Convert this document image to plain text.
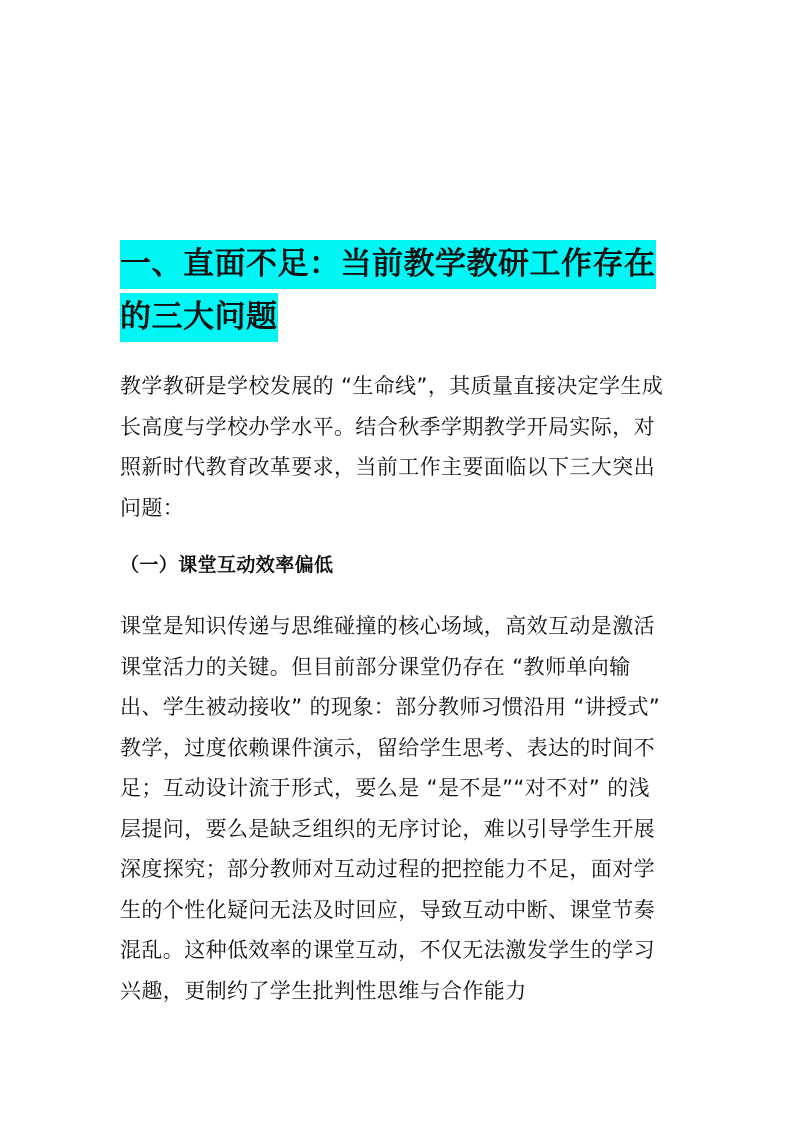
一、直面不足：当前教学教研工作存在的三大问题

教学教研是学校发展的 “生命线”，其质量直接决定学生成长高度与学校办学水平。结合秋季学期教学开局实际，对照新时代教育改革要求，当前工作主要面临以下三大突出问题：

（一）课堂互动效率偏低

课堂是知识传递与思维碰撞的核心场域，高效互动是激活课堂活力的关键。但目前部分课堂仍存在 “教师单向输出、学生被动接收” 的现象：部分教师习惯沿用 “讲授式” 教学，过度依赖课件演示，留给学生思考、表达的时间不足；互动设计流于形式，要么是 “是不是”“对不对” 的浅层提问，要么是缺乏组织的无序讨论，难以引导学生开展深度探究；部分教师对互动过程的把控能力不足，面对学生的个性化疑问无法及时回应，导致互动中断、课堂节奏混乱。这种低效率的课堂互动，不仅无法激发学生的学习兴趣，更制约了学生批判性思维与合作能力
